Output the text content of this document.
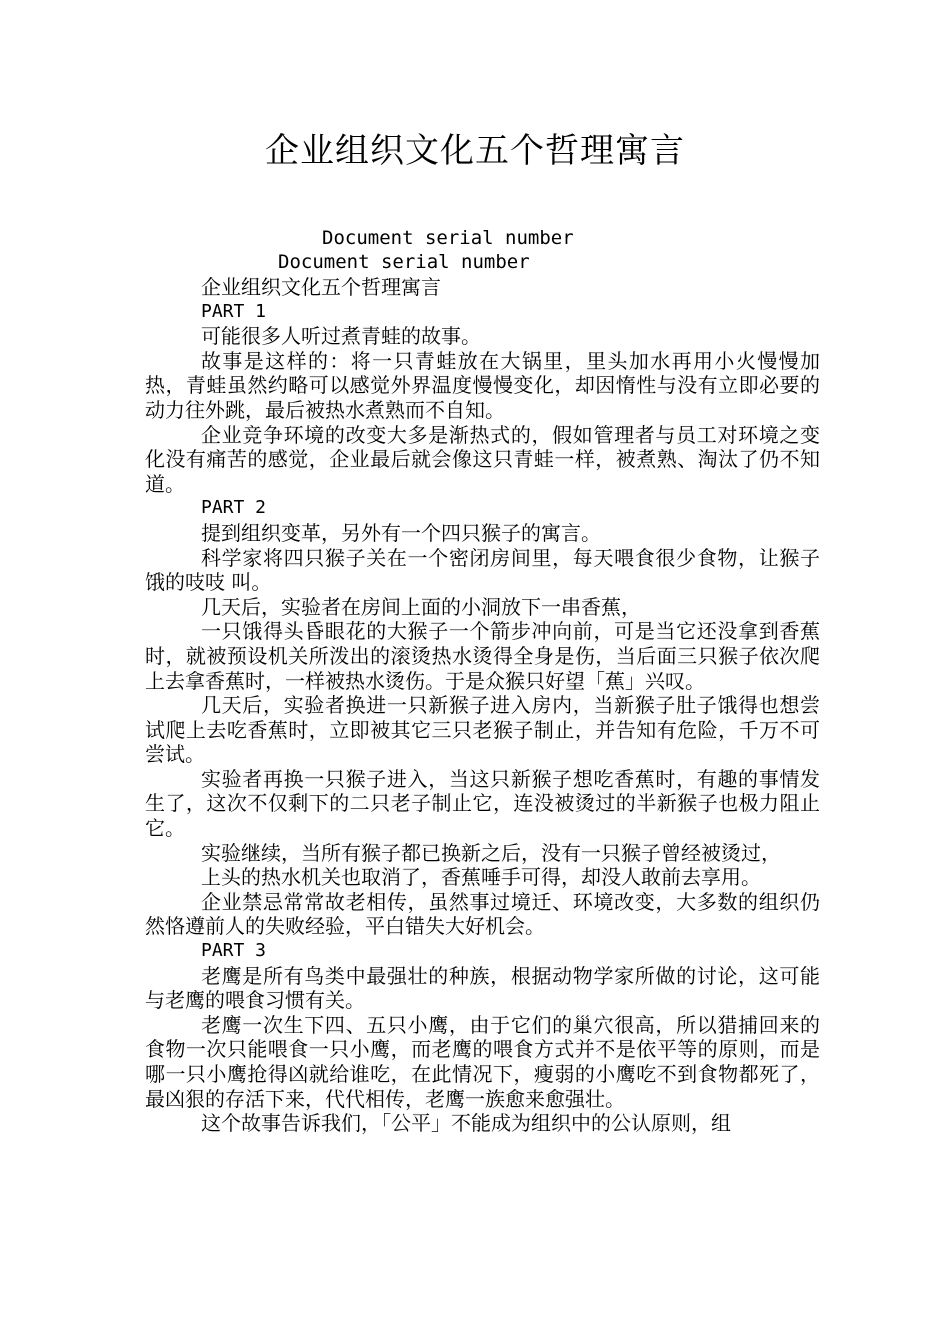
企业组织文化五个哲理寓言
Document serial number
Document serial number

企业组织文化五个哲理寓言

PART 1

可能很多人听过煮青蛙的故事。

故事是这样的：将一只青蛙放在大锅里，里头加水再用小火慢慢加热，青蛙虽然约略可以感觉外界温度慢慢变化，却因惰性与没有立即必要的动力往外跳，最后被热水煮熟而不自知。

企业竞争环境的改变大多是渐热式的，假如管理者与员工对环境之变化没有痛苦的感觉，企业最后就会像这只青蛙一样，被煮熟、淘汰了仍不知道。

PART 2

提到组织变革，另外有一个四只猴子的寓言。

科学家将四只猴子关在一个密闭房间里，每天喂食很少食物，让猴子饿的吱吱 叫。

几天后，实验者在房间上面的小洞放下一串香蕉，

一只饿得头昏眼花的大猴子一个箭步冲向前，可是当它还没拿到香蕉时，就被预设机关所泼出的滚烫热水烫得全身是伤，当后面三只猴子依次爬上去拿香蕉时，一样被热水烫伤。于是众猴只好望「蕉」兴叹。

几天后，实验者换进一只新猴子进入房内，当新猴子肚子饿得也想尝试爬上去吃香蕉时，立即被其它三只老猴子制止，并告知有危险，千万不可尝试。

实验者再换一只猴子进入，当这只新猴子想吃香蕉时，有趣的事情发生了，这次不仅剩下的二只老子制止它，连没被烫过的半新猴子也极力阻止它。

实验继续，当所有猴子都已换新之后，没有一只猴子曾经被烫过，

上头的热水机关也取消了，香蕉唾手可得，却没人敢前去享用。

企业禁忌常常故老相传，虽然事过境迁、环境改变，大多数的组织仍然恪遵前人的失败经验，平白错失大好机会。

PART 3

老鹰是所有鸟类中最强壮的种族，根据动物学家所做的讨论，这可能与老鹰的喂食习惯有关。

老鹰一次生下四、五只小鹰，由于它们的巢穴很高，所以猎捕回来的食物一次只能喂食一只小鹰，而老鹰的喂食方式并不是依平等的原则，而是哪一只小鹰抢得凶就给谁吃，在此情况下，瘦弱的小鹰吃不到食物都死了，最凶狠的存活下来，代代相传，老鹰一族愈来愈强壮。

这个故事告诉我们，「公平」不能成为组织中的公认原则，组
